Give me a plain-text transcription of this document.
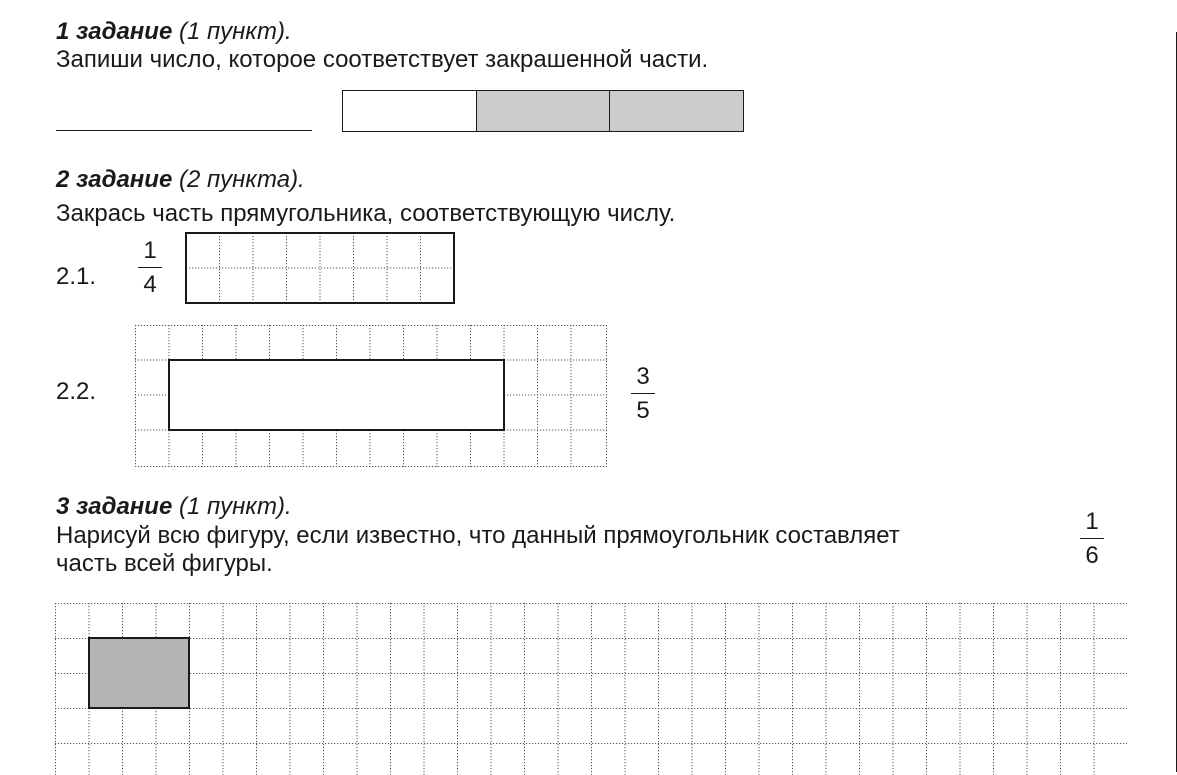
1 задание (1 пункт).
Запиши число, которое соответствует закрашенной части.
2 задание (2 пункта).
Закрась часть прямугольника, соответствующую числу.
2.1.
1
4
2.2.
3
5
3 задание (1 пункт).
Нарисуй всю фигуру, если известно, что данный прямоугольник составляет
часть всей фигуры.
1
6
